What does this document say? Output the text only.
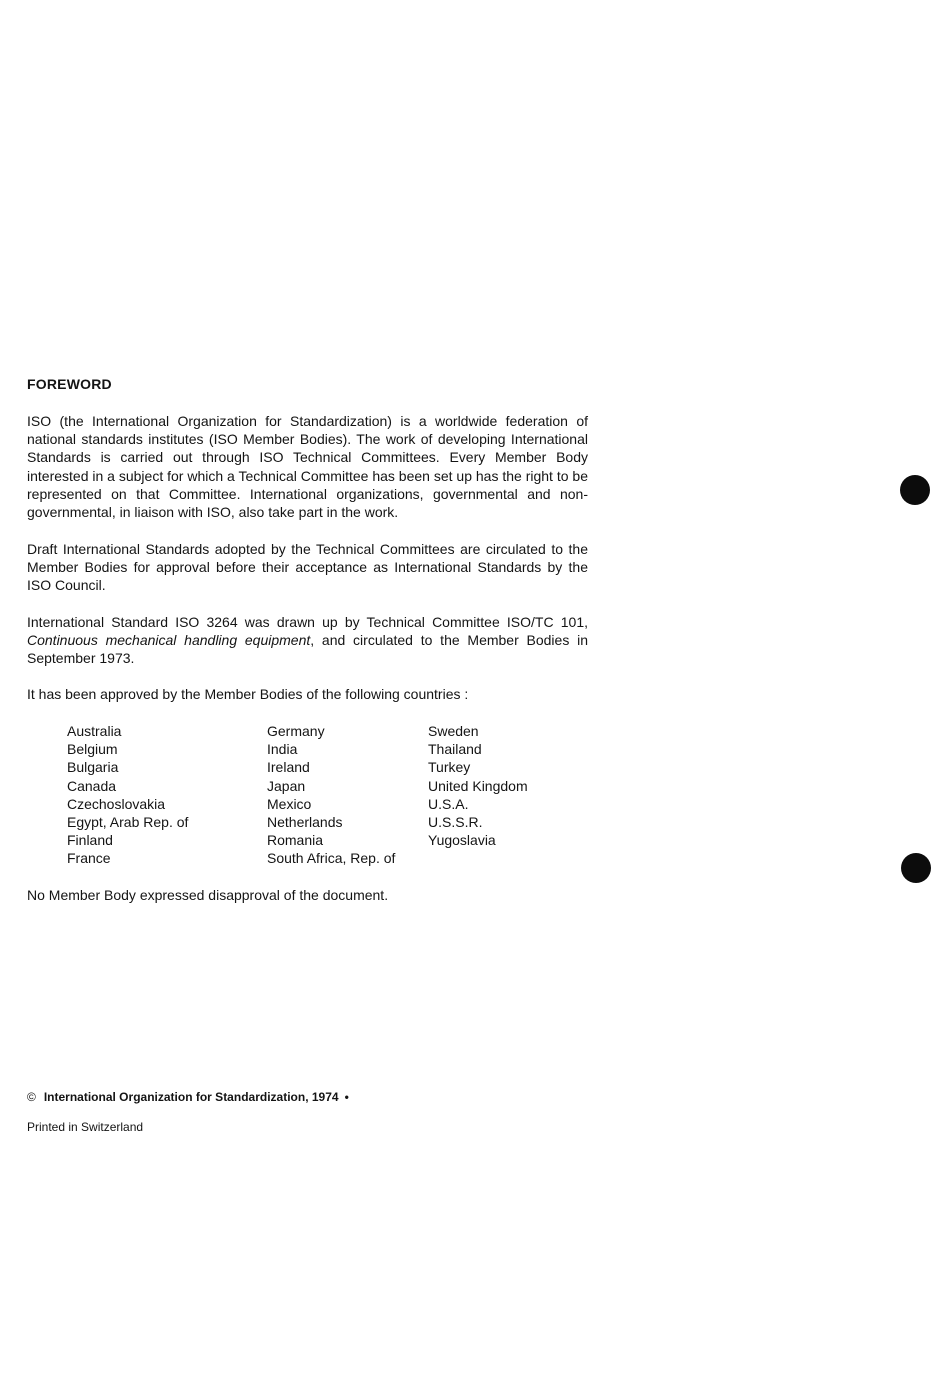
FOREWORD
ISO (the International Organization for Standardization) is a worldwide federation of national standards institutes (ISO Member Bodies). The work of developing International Standards is carried out through ISO Technical Committees. Every Member Body interested in a subject for which a Technical Committee has been set up has the right to be represented on that Committee. International organizations, governmental and non-governmental, in liaison with ISO, also take part in the work.
Draft International Standards adopted by the Technical Committees are circulated to the Member Bodies for approval before their acceptance as International Standards by the ISO Council.
International Standard ISO 3264 was drawn up by Technical Committee ISO/TC 101, Continuous mechanical handling equipment, and circulated to the Member Bodies in September 1973.
It has been approved by the Member Bodies of the following countries :
Australia
Belgium
Bulgaria
Canada
Czechoslovakia
Egypt, Arab Rep. of
Finland
France
Germany
India
Ireland
Japan
Mexico
Netherlands
Romania
South Africa, Rep. of
Sweden
Thailand
Turkey
United Kingdom
U.S.A.
U.S.S.R.
Yugoslavia
No Member Body expressed disapproval of the document.
© International Organization for Standardization, 1974 •
Printed in Switzerland
